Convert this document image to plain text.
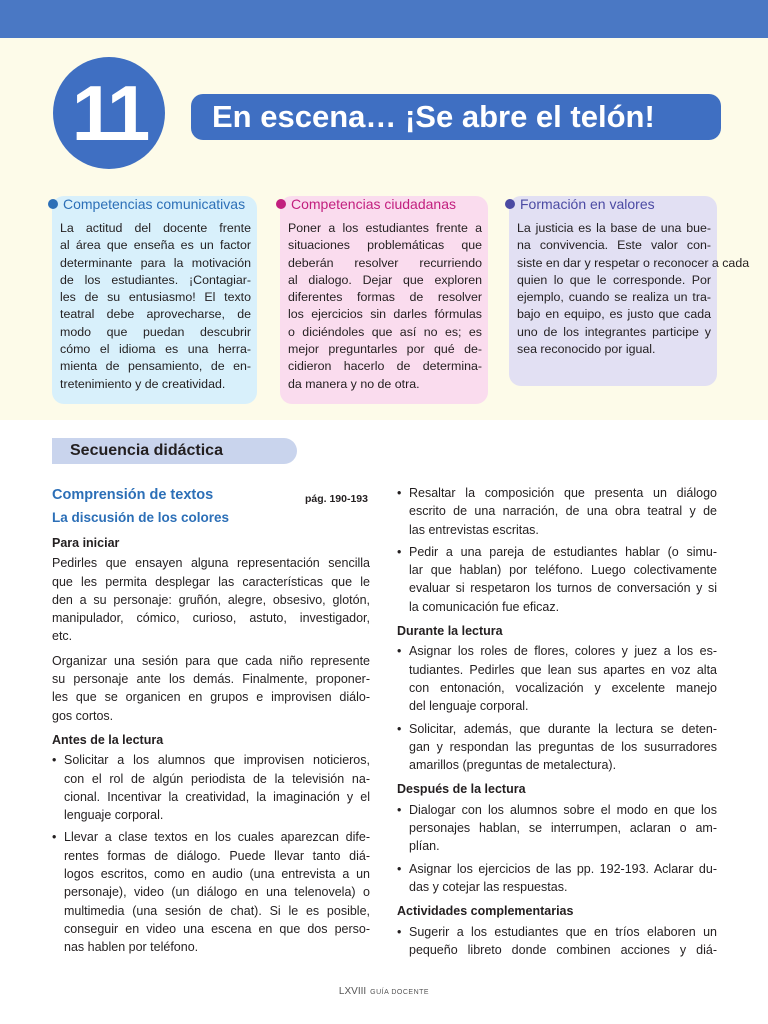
11	En escena… ¡Se abre el telón!
Competencias comunicativas
La actitud del docente frente
al área que enseña es un factor
determinante para la motivación
de los estudiantes. ¡Contagiar-
les de su entusiasmo! El texto
teatral debe aprovecharse, de
modo que puedan descubrir
cómo el idioma es una herra-
mienta de pensamiento, de en-
tretenimiento y de creatividad.
Competencias ciudadanas
Poner a los estudiantes frente a
situaciones problemáticas que
deberán resolver recurriendo
al dialogo. Dejar que exploren
diferentes formas de resolver
los ejercicios sin darles fórmulas
o diciéndoles que así no es; es
mejor preguntarles por qué de-
cidieron hacerlo de determina-
da manera y no de otra.
Formación en valores
La justicia es la base de una bue-
na convivencia. Este valor con-
siste en dar y respetar o reconocer a cada
quien lo que le corresponde. Por
ejemplo, cuando se realiza un tra-
bajo en equipo, es justo que cada
uno de los integrantes participe y
sea reconocido por igual.
Secuencia didáctica
Comprensión de textos	pág. 190-193
La discusión de los colores
Para iniciar
Pedirles que ensayen alguna representación sencilla
que les permita desplegar las características que le
den a su personaje: gruñón, alegre, obsesivo, glotón,
manipulador, cómico, curioso, astuto, investigador,
etc.
Organizar una sesión para que cada niño represente
su personaje ante los demás. Finalmente, proponer-
les que se organicen en grupos e improvisen diálo-
gos cortos.
Antes de la lectura
• Solicitar a los alumnos que improvisen noticieros,
con el rol de algún periodista de la televisión na-
cional. Incentivar la creatividad, la imaginación y el
lenguaje corporal.
• Llevar a clase textos en los cuales aparezcan dife-
rentes formas de diálogo. Puede llevar tanto diá-
logos escritos, como en audio (una entrevista a un
personaje), video (un diálogo en una telenovela) o
multimedia (una sesión de chat). Si le es posible,
conseguir en video una escena en que dos perso-
nas hablen por teléfono.
• Resaltar la composición que presenta un diálogo
escrito de una narración, de una obra teatral y de
las entrevistas escritas.
• Pedir a una pareja de estudiantes hablar (o simu-
lar que hablan) por teléfono. Luego colectivamente
evaluar si respetaron los turnos de conversación y si
la comunicación fue eficaz.
Durante la lectura
• Asignar los roles de flores, colores y juez a los es-
tudiantes. Pedirles que lean sus apartes en voz alta
con entonación, vocalización y excelente manejo
del lenguaje corporal.
• Solicitar, además, que durante la lectura se deten-
gan y respondan las preguntas de los susurradores
amarillos (preguntas de metalectura).
Después de la lectura
• Dialogar con los alumnos sobre el modo en que los
personajes hablan, se interrumpen, aclaran o am-
plían.
• Asignar los ejercicios de las pp. 192-193. Aclarar du-
das y cotejar las respuestas.
Actividades complementarias
• Sugerir a los estudiantes que en tríos elaboren un
pequeño libreto donde combinen acciones y diá-
LXVIII GUÍA DOCENTE
